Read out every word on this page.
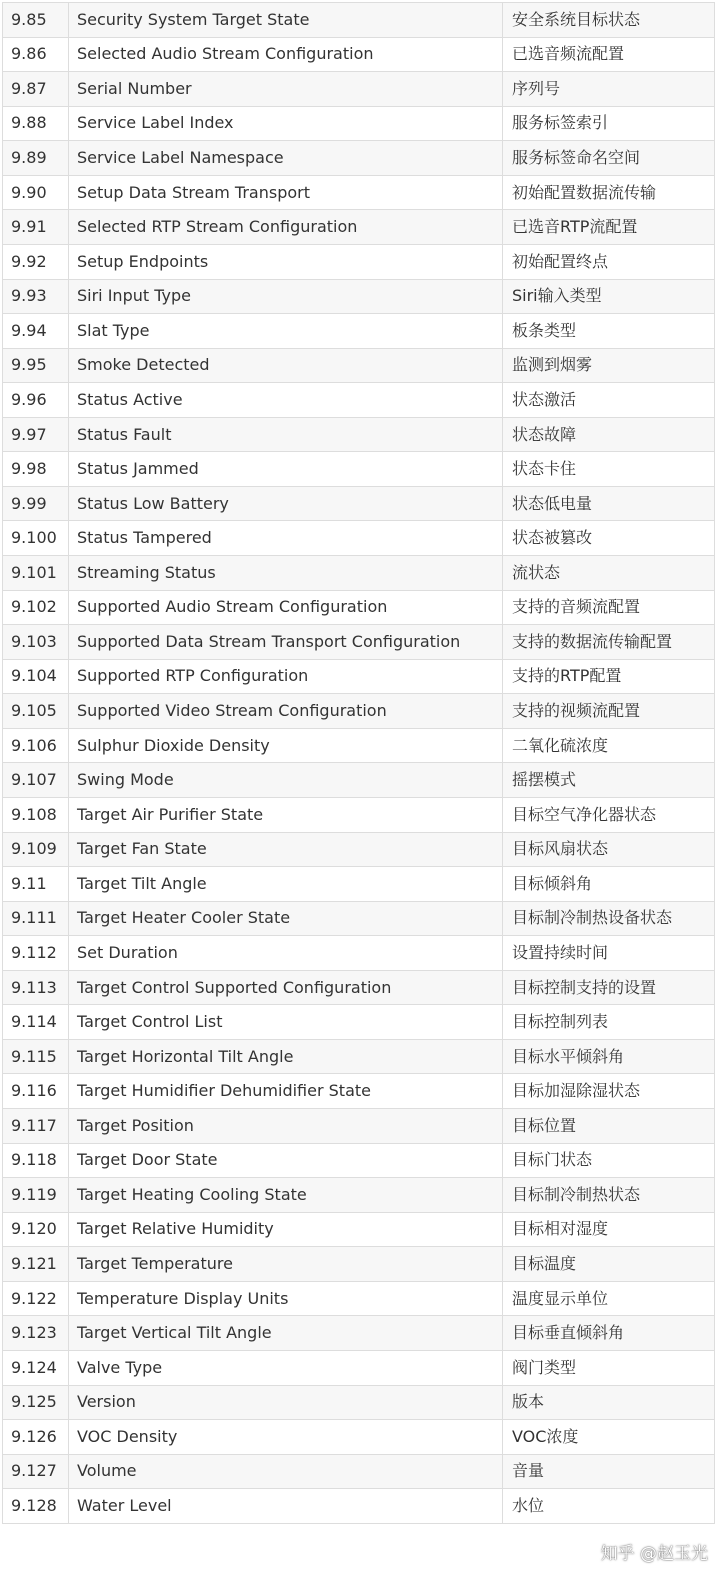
9.85	Security System Target State	安全系统目标状态
9.86	Selected Audio Stream Configuration	已选音频流配置
9.87	Serial Number	序列号
9.88	Service Label Index	服务标签索引
9.89	Service Label Namespace	服务标签命名空间
9.90	Setup Data Stream Transport	初始配置数据流传输
9.91	Selected RTP Stream Configuration	已选音RTP流配置
9.92	Setup Endpoints	初始配置终点
9.93	Siri Input Type	Siri输入类型
9.94	Slat Type	板条类型
9.95	Smoke Detected	监测到烟雾
9.96	Status Active	状态激活
9.97	Status Fault	状态故障
9.98	Status Jammed	状态卡住
9.99	Status Low Battery	状态低电量
9.100	Status Tampered	状态被篡改
9.101	Streaming Status	流状态
9.102	Supported Audio Stream Configuration	支持的音频流配置
9.103	Supported Data Stream Transport Configuration	支持的数据流传输配置
9.104	Supported RTP Configuration	支持的RTP配置
9.105	Supported Video Stream Configuration	支持的视频流配置
9.106	Sulphur Dioxide Density	二氧化硫浓度
9.107	Swing Mode	摇摆模式
9.108	Target Air Purifier State	目标空气净化器状态
9.109	Target Fan State	目标风扇状态
9.11	Target Tilt Angle	目标倾斜角
9.111	Target Heater Cooler State	目标制冷制热设备状态
9.112	Set Duration	设置持续时间
9.113	Target Control Supported Configuration	目标控制支持的设置
9.114	Target Control List	目标控制列表
9.115	Target Horizontal Tilt Angle	目标水平倾斜角
9.116	Target Humidifier Dehumidifier State	目标加湿除湿状态
9.117	Target Position	目标位置
9.118	Target Door State	目标门状态
9.119	Target Heating Cooling State	目标制冷制热状态
9.120	Target Relative Humidity	目标相对湿度
9.121	Target Temperature	目标温度
9.122	Temperature Display Units	温度显示单位
9.123	Target Vertical Tilt Angle	目标垂直倾斜角
9.124	Valve Type	阀门类型
9.125	Version	版本
9.126	VOC Density	VOC浓度
9.127	Volume	音量
9.128	Water Level	水位
知乎 @赵玉光
